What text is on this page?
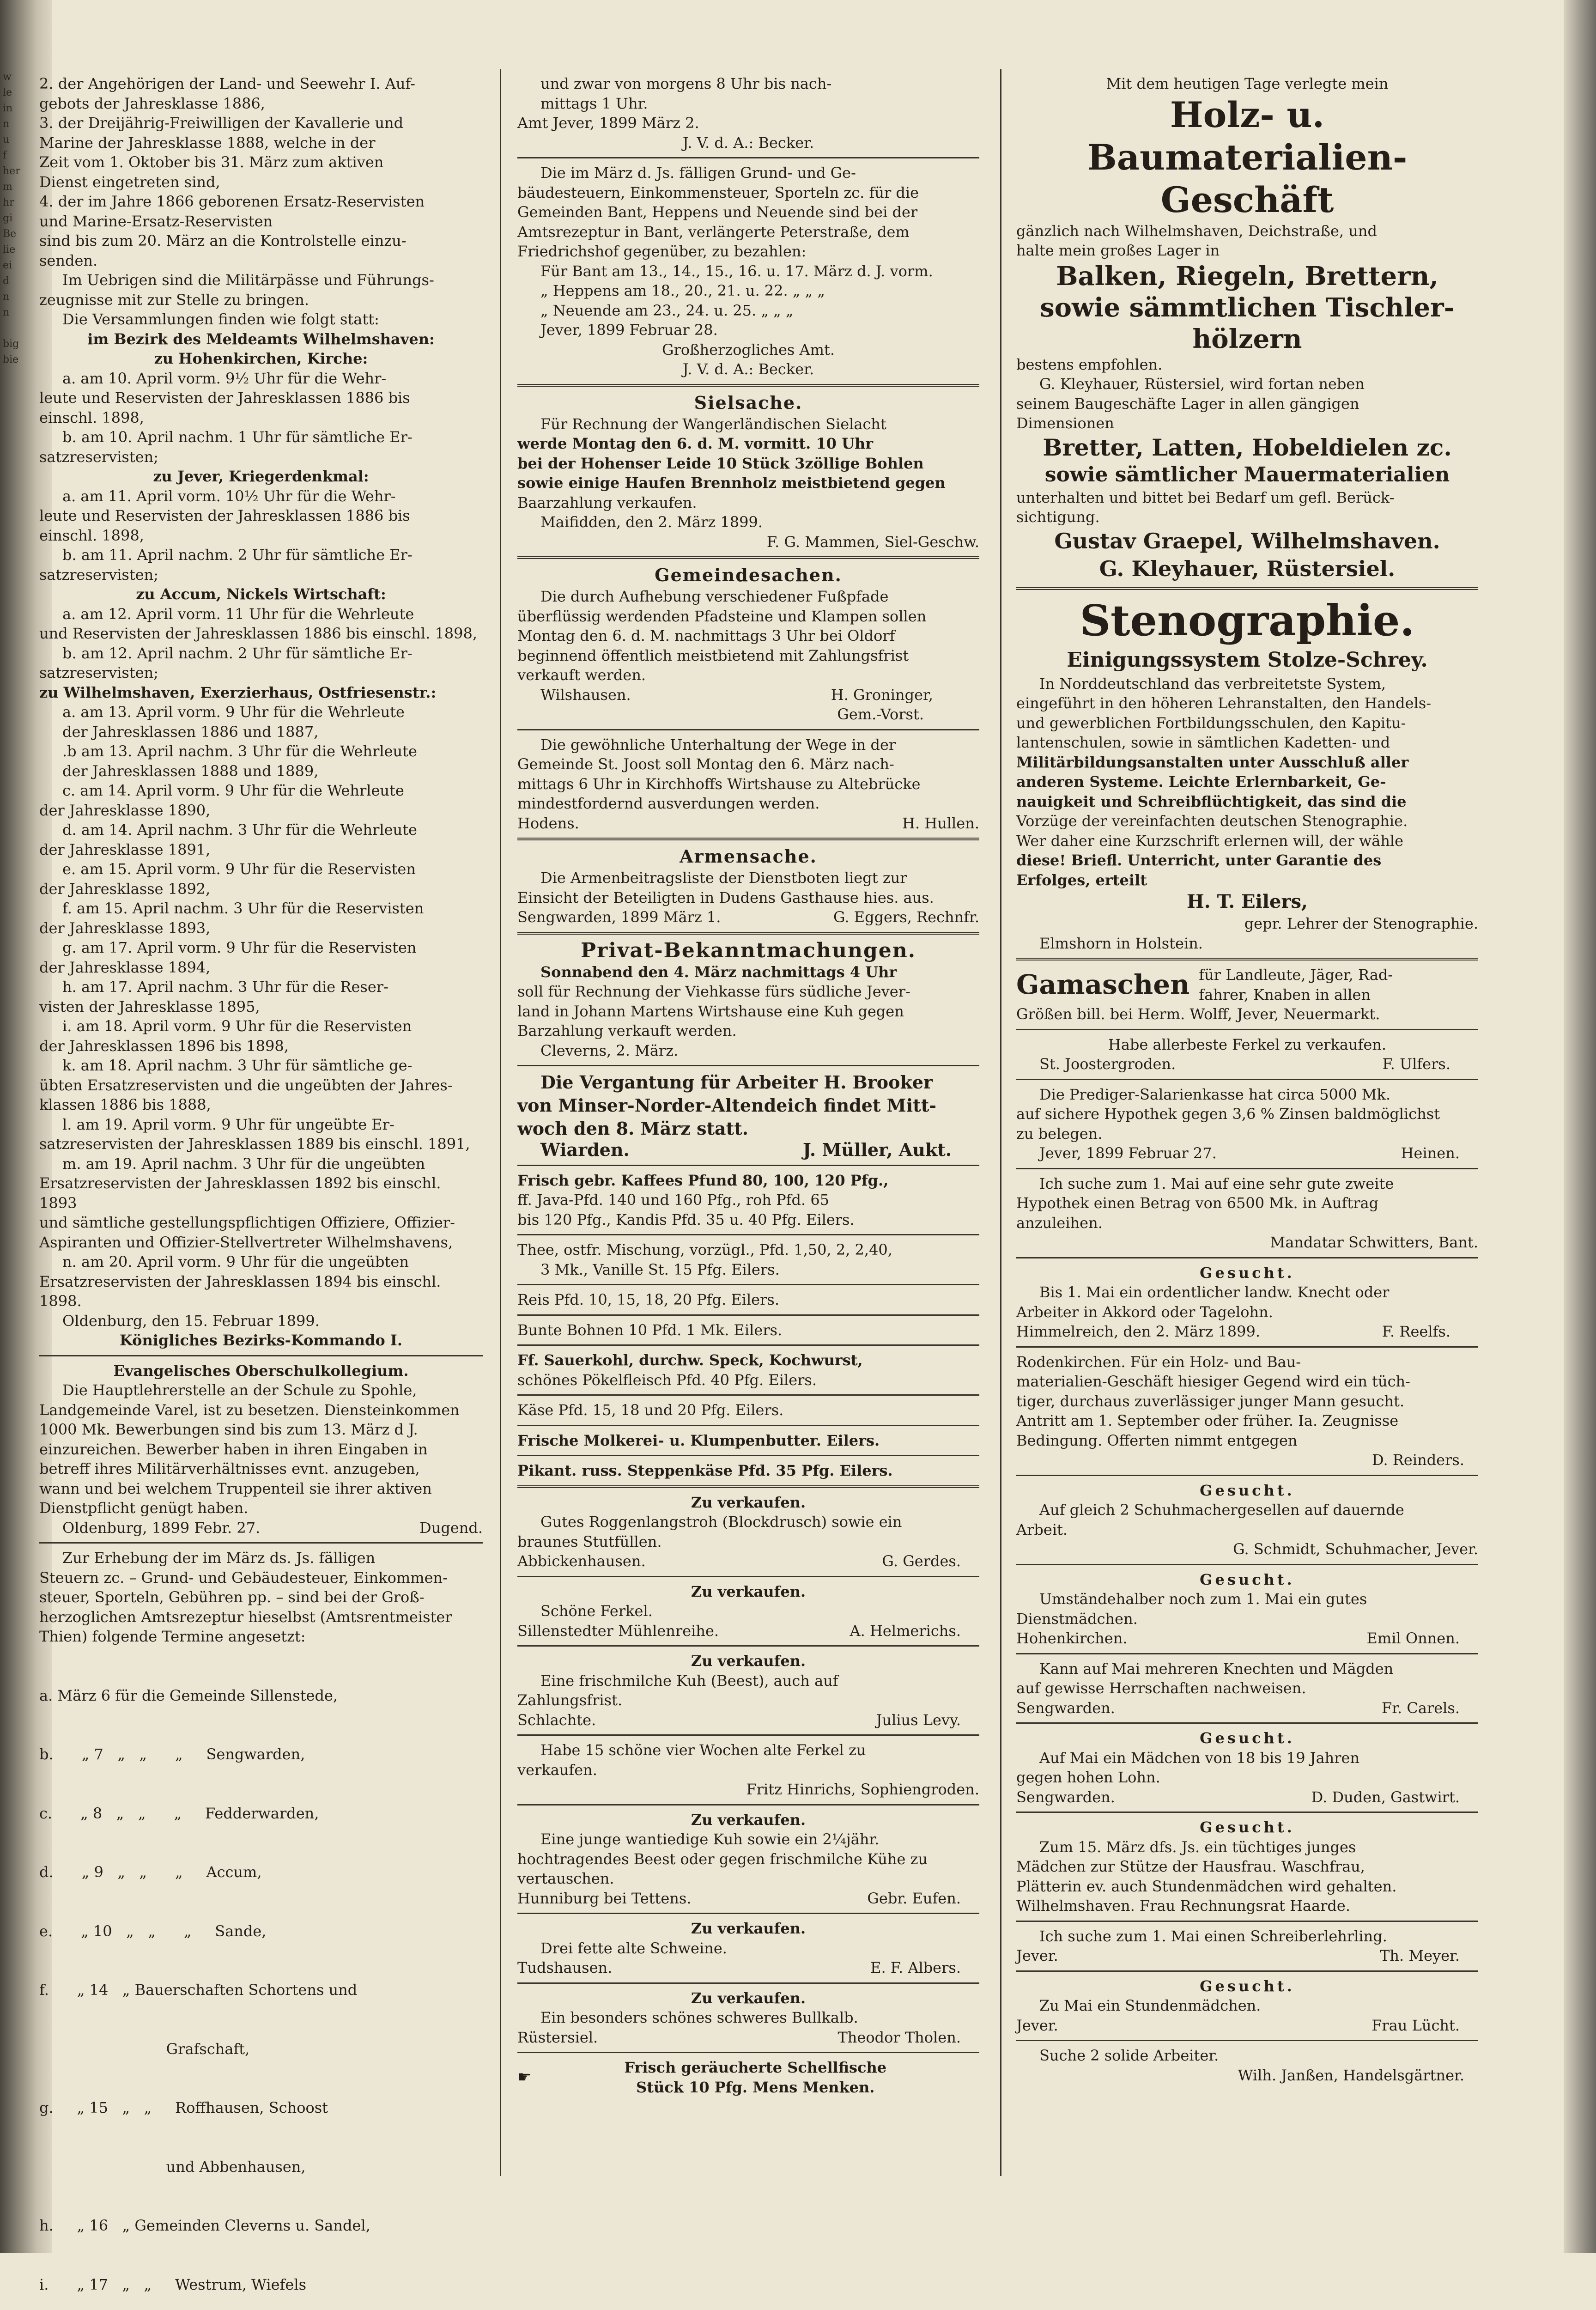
w
le
in
n
u
f
her
m
hr
gi
Be
lie
ei
d
n
n

big
bie

2. der Angehörigen der Land- und Seewehr I. Auf-

gebots der Jahresklasse 1886,

3. der Dreijährig-Freiwilligen der Kavallerie und

Marine der Jahresklasse 1888, welche in der

Zeit vom 1. Oktober bis 31. März zum aktiven

Dienst eingetreten sind,

4. der im Jahre 1866 geborenen Ersatz-Reservisten

und Marine-Ersatz-Reservisten

sind bis zum 20. März an die Kontrolstelle einzu-

senden.

Im Uebrigen sind die Militärpässe und Führungs-

zeugnisse mit zur Stelle zu bringen.

Die Versammlungen finden wie folgt statt:

im Bezirk des Meldeamts Wilhelmshaven:

zu Hohenkirchen, Kirche:

a. am 10. April vorm. 9½ Uhr für die Wehr-

leute und Reservisten der Jahresklassen 1886 bis

einschl. 1898,

b. am 10. April nachm. 1 Uhr für sämtliche Er-

satzreservisten;

zu Jever, Kriegerdenkmal:

a. am 11. April vorm. 10½ Uhr für die Wehr-

leute und Reservisten der Jahresklassen 1886 bis

einschl. 1898,

b. am 11. April nachm. 2 Uhr für sämtliche Er-

satzreservisten;

zu Accum, Nickels Wirtschaft:

a. am 12. April vorm. 11 Uhr für die Wehrleute

und Reservisten der Jahresklassen 1886 bis einschl. 1898,

b. am 12. April nachm. 2 Uhr für sämtliche Er-

satzreservisten;

zu Wilhelmshaven, Exerzierhaus, Ostfriesenstr.:

a. am 13. April vorm. 9 Uhr für die Wehrleute

der Jahresklassen 1886 und 1887,

.b am 13. April nachm. 3 Uhr für die Wehrleute

der Jahresklassen 1888 und 1889,

c. am 14. April vorm. 9 Uhr für die Wehrleute

der Jahresklasse 1890,

d. am 14. April nachm. 3 Uhr für die Wehrleute

der Jahresklasse 1891,

e. am 15. April vorm. 9 Uhr für die Reservisten

der Jahresklasse 1892,

f. am 15. April nachm. 3 Uhr für die Reservisten

der Jahresklasse 1893,

g. am 17. April vorm. 9 Uhr für die Reservisten

der Jahresklasse 1894,

h. am 17. April nachm. 3 Uhr für die Reser-

visten der Jahresklasse 1895,

i. am 18. April vorm. 9 Uhr für die Reservisten

der Jahresklassen 1896 bis 1898,

k. am 18. April nachm. 3 Uhr für sämtliche ge-

übten Ersatzreservisten und die ungeübten der Jahres-

klassen 1886 bis 1888,

l. am 19. April vorm. 9 Uhr für ungeübte Er-

satzreservisten der Jahresklassen 1889 bis einschl. 1891,

m. am 19. April nachm. 3 Uhr für die ungeübten

Ersatzreservisten der Jahresklassen 1892 bis einschl. 1893

und sämtliche gestellungspflichtigen Offiziere, Offizier-

Aspiranten und Offizier-Stellvertreter Wilhelmshavens,

n. am 20. April vorm. 9 Uhr für die ungeübten

Ersatzreservisten der Jahresklassen 1894 bis einschl. 1898.

Oldenburg, den 15. Februar 1899.

Königliches Bezirks-Kommando I.

Evangelisches Oberschulkollegium.

Die Hauptlehrerstelle an der Schule zu Spohle,

Landgemeinde Varel, ist zu besetzen. Diensteinkommen

1000 Mk. Bewerbungen sind bis zum 13. März d J.

einzureichen. Bewerber haben in ihren Eingaben in

betreff ihres Militärverhältnisses evnt. anzugeben,

wann und bei welchem Truppenteil sie ihrer aktiven

Dienstpflicht genügt haben.

Oldenburg, 1899 Febr. 27.	Dugend.

Zur Erhebung der im März ds. Js. fälligen

Steuern zc. – Grund- und Gebäudesteuer, Einkommen-

steuer, Sporteln, Gebühren pp. – sind bei der Groß-

herzoglichen Amtsrezeptur hieselbst (Amtsrentmeister

Thien) folgende Termine angesetzt:

a. März 6 für die Gemeinde Sillenstede,

b.      „ 7   „   „      „     Sengwarden,

c.      „ 8   „   „      „     Fedderwarden,

d.      „ 9   „   „      „     Accum,

e.      „ 10   „   „      „     Sande,

f.      „ 14   „ Bauerschaften Schortens und

Grafschaft,

g.     „ 15   „   „     Roffhausen, Schoost

und Abbenhausen,

h.     „ 16   „ Gemeinden Cleverns u. Sandel,

i.      „ 17   „   „     Westrum, Wiefels

und zwar von morgens 8 Uhr bis nach-

mittags 1 Uhr.

Amt Jever, 1899 März 2.

J. V. d. A.: Becker.

Die im März d. Js. fälligen Grund- und Ge-

bäudesteuern, Einkommensteuer, Sporteln zc. für die

Gemeinden Bant, Heppens und Neuende sind bei der

Amtsrezeptur in Bant, verlängerte Peterstraße, dem

Friedrichshof gegenüber, zu bezahlen:

Für Bant am 13., 14., 15., 16. u. 17. März d. J. vorm.

„ Heppens am 18., 20., 21. u. 22. „ „ „

„ Neuende am 23., 24. u. 25. „ „ „

Jever, 1899 Februar 28.

Großherzogliches Amt.

J. V. d. A.: Becker.

Sielsache.

Für Rechnung der Wangerländischen Sielacht

werde Montag den 6. d. M. vormitt. 10 Uhr

bei der Hohenser Leide 10 Stück 3zöllige Bohlen

sowie einige Haufen Brennholz meistbietend gegen

Baarzahlung verkaufen.

Maifidden, den 2. März 1899.

F. G. Mammen, Siel-Geschw.

Gemeindesachen.

Die durch Aufhebung verschiedener Fußpfade

überflüssig werdenden Pfadsteine und Klampen sollen

Montag den 6. d. M. nachmittags 3 Uhr bei Oldorf

beginnend öffentlich meistbietend mit Zahlungsfrist

verkauft werden.

Wilshausen.	H. Groninger,

Gem.-Vorst.

Die gewöhnliche Unterhaltung der Wege in der

Gemeinde St. Joost soll Montag den 6. März nach-

mittags 6 Uhr in Kirchhoffs Wirtshause zu Altebrücke

mindestfordernd ausverdungen werden.

Hodens.	H. Hullen.

Armensache.

Die Armenbeitragsliste der Dienstboten liegt zur

Einsicht der Beteiligten in Dudens Gasthause hies. aus.

Sengwarden, 1899 März 1.	G. Eggers, Rechnfr.

Privat-Bekanntmachungen.

Sonnabend den 4. März nachmittags 4 Uhr

soll für Rechnung der Viehkasse fürs südliche Jever-

land in Johann Martens Wirtshause eine Kuh gegen

Barzahlung verkauft werden.

Cleverns, 2. März.

Die Vergantung für Arbeiter H. Brooker

von Minser-Norder-Altendeich findet Mitt-

woch den 8. März statt.

Wiarden.	J. Müller, Aukt.

Frisch gebr. Kaffees Pfund 80, 100, 120 Pfg.,

ff. Java-Pfd. 140 und 160 Pfg., roh Pfd. 65

bis 120 Pfg., Kandis Pfd. 35 u. 40 Pfg. Eilers.

Thee, ostfr. Mischung, vorzügl., Pfd. 1,50, 2, 2,40,

3 Mk., Vanille St. 15 Pfg. Eilers.

Reis Pfd. 10, 15, 18, 20 Pfg. Eilers.

Bunte Bohnen 10 Pfd. 1 Mk. Eilers.

Ff. Sauerkohl, durchw. Speck, Kochwurst,

schönes Pökelfleisch Pfd. 40 Pfg. Eilers.

Käse Pfd. 15, 18 und 20 Pfg. Eilers.

Frische Molkerei- u. Klumpenbutter. Eilers.

Pikant. russ. Steppenkäse Pfd. 35 Pfg. Eilers.

Zu verkaufen.

Gutes Roggenlangstroh (Blockdrusch) sowie ein

braunes Stutfüllen.

Abbickenhausen.	G. Gerdes.

Zu verkaufen.

Schöne Ferkel.

Sillenstedter Mühlenreihe.	A. Helmerichs.

Zu verkaufen.

Eine frischmilche Kuh (Beest), auch auf

Zahlungsfrist.

Schlachte.	Julius Levy.

Habe 15 schöne vier Wochen alte Ferkel zu

verkaufen.

Fritz Hinrichs, Sophiengroden.

Zu verkaufen.

Eine junge wantiedige Kuh sowie ein 2¼jähr.

hochtragendes Beest oder gegen frischmilche Kühe zu

vertauschen.

Hunniburg bei Tettens.	Gebr. Eufen.

Zu verkaufen.

Drei fette alte Schweine.

Tudshausen.	E. F. Albers.

Zu verkaufen.

Ein besonders schönes schweres Bullkalb.

Rüstersiel.	Theodor Tholen.
☛

Frisch geräucherte Schellfische

Stück 10 Pfg. Mens Menken.

Mit dem heutigen Tage verlegte mein

Holz- u. Baumaterialien-

Geschäft

gänzlich nach Wilhelmshaven, Deichstraße, und

halte mein großes Lager in

Balken, Riegeln, Brettern,

sowie sämmtlichen Tischler-

hölzern

bestens empfohlen.

G. Kleyhauer, Rüstersiel, wird fortan neben

seinem Baugeschäfte Lager in allen gängigen

Dimensionen

Bretter, Latten, Hobeldielen zc.

sowie sämtlicher Mauermaterialien

unterhalten und bittet bei Bedarf um gefl. Berück-

sichtigung.

Gustav Graepel, Wilhelmshaven.

G. Kleyhauer, Rüstersiel.

Stenographie.

Einigungssystem Stolze-Schrey.

In Norddeutschland das verbreitetste System,

eingeführt in den höheren Lehranstalten, den Handels-

und gewerblichen Fortbildungsschulen, den Kapitu-

lantenschulen, sowie in sämtlichen Kadetten- und

Militärbildungsanstalten unter Ausschluß aller

anderen Systeme. Leichte Erlernbarkeit, Ge-

nauigkeit und Schreibflüchtigkeit, das sind die

Vorzüge der vereinfachten deutschen Stenographie.

Wer daher eine Kurzschrift erlernen will, der wähle

diese! Briefl. Unterricht, unter Garantie des

Erfolges, erteilt

H. T. Eilers,

gepr. Lehrer der Stenographie.

Elmshorn in Holstein.

Gamaschen für Landleute, Jäger, Rad-

fahrer, Knaben in allen

Größen bill. bei Herm. Wolff, Jever, Neuermarkt.

Habe allerbeste Ferkel zu verkaufen.

St. Joostergroden.	F. Ulfers.

Die Prediger-Salarienkasse hat circa 5000 Mk.

auf sichere Hypothek gegen 3,6 % Zinsen baldmöglichst

zu belegen.

Jever, 1899 Februar 27.	Heinen.

Ich suche zum 1. Mai auf eine sehr gute zweite

Hypothek einen Betrag von 6500 Mk. in Auftrag

anzuleihen.

Mandatar Schwitters, Bant.

Gesucht.

Bis 1. Mai ein ordentlicher landw. Knecht oder

Arbeiter in Akkord oder Tagelohn.

Himmelreich, den 2. März 1899.	F. Reelfs.

Rodenkirchen. Für ein Holz- und Bau-

materialien-Geschäft hiesiger Gegend wird ein tüch-

tiger, durchaus zuverlässiger junger Mann gesucht.

Antritt am 1. September oder früher. Ia. Zeugnisse

Bedingung. Offerten nimmt entgegen

D. Reinders.

Gesucht.

Auf gleich 2 Schuhmachergesellen auf dauernde

Arbeit.

G. Schmidt, Schuhmacher, Jever.

Gesucht.

Umständehalber noch zum 1. Mai ein gutes

Dienstmädchen.

Hohenkirchen.	Emil Onnen.

Kann auf Mai mehreren Knechten und Mägden

auf gewisse Herrschaften nachweisen.

Sengwarden.	Fr. Carels.

Gesucht.

Auf Mai ein Mädchen von 18 bis 19 Jahren

gegen hohen Lohn.

Sengwarden.	D. Duden, Gastwirt.

Gesucht.

Zum 15. März dfs. Js. ein tüchtiges junges

Mädchen zur Stütze der Hausfrau. Waschfrau,

Plätterin ev. auch Stundenmädchen wird gehalten.

Wilhelmshaven. Frau Rechnungsrat Haarde.

Ich suche zum 1. Mai einen Schreiberlehrling.

Jever.	Th. Meyer.

Gesucht.

Zu Mai ein Stundenmädchen.

Jever.	Frau Lücht.

Suche 2 solide Arbeiter.

Wilh. Janßen, Handelsgärtner.
